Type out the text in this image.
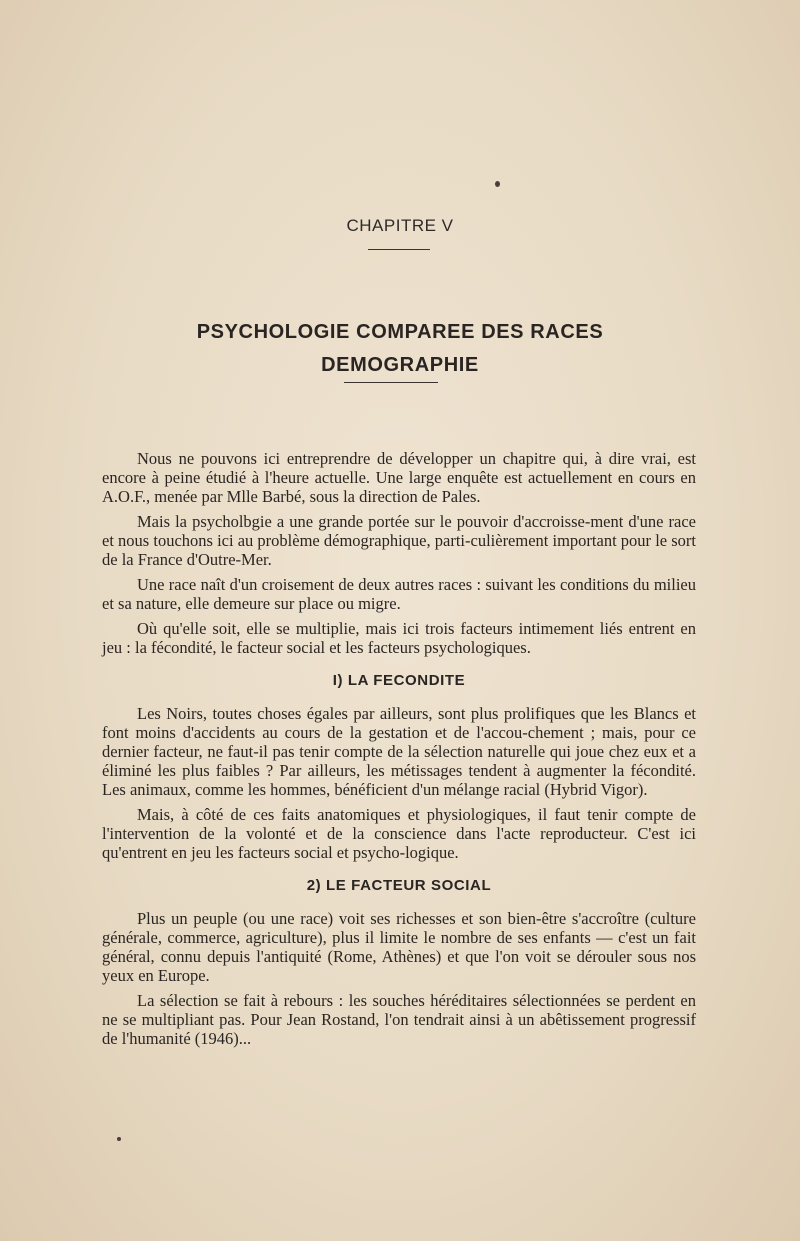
CHAPITRE V
PSYCHOLOGIE COMPAREE DES RACES
DEMOGRAPHIE

Nous ne pouvons ici entreprendre de développer un chapitre qui, à dire vrai, est encore à peine étudié à l'heure actuelle. Une large enquête est actuellement en cours en A.O.F., menée par Mlle Barbé, sous la direction de Pales.

Mais la psycholbgie a une grande portée sur le pouvoir d'accroisse-ment d'une race et nous touchons ici au problème démographique, parti-culièrement important pour le sort de la France d'Outre-Mer.

Une race naît d'un croisement de deux autres races : suivant les conditions du milieu et sa nature, elle demeure sur place ou migre.

Où qu'elle soit, elle se multiplie, mais ici trois facteurs intimement liés entrent en jeu : la fécondité, le facteur social et les facteurs psychologiques.

I) LA FECONDITE

Les Noirs, toutes choses égales par ailleurs, sont plus prolifiques que les Blancs et font moins d'accidents au cours de la gestation et de l'accou-chement ; mais, pour ce dernier facteur, ne faut-il pas tenir compte de la sélection naturelle qui joue chez eux et a éliminé les plus faibles ? Par ailleurs, les métissages tendent à augmenter la fécondité. Les animaux, comme les hommes, bénéficient d'un mélange racial (Hybrid Vigor).

Mais, à côté de ces faits anatomiques et physiologiques, il faut tenir compte de l'intervention de la volonté et de la conscience dans l'acte reproducteur. C'est ici qu'entrent en jeu les facteurs social et psycho-logique.

2) LE FACTEUR SOCIAL

Plus un peuple (ou une race) voit ses richesses et son bien-être s'accroître (culture générale, commerce, agriculture), plus il limite le nombre de ses enfants — c'est un fait général, connu depuis l'antiquité (Rome, Athènes) et que l'on voit se dérouler sous nos yeux en Europe.

La sélection se fait à rebours : les souches héréditaires sélectionnées se perdent en ne se multipliant pas. Pour Jean Rostand, l'on tendrait ainsi à un abêtissement progressif de l'humanité (1946)...
